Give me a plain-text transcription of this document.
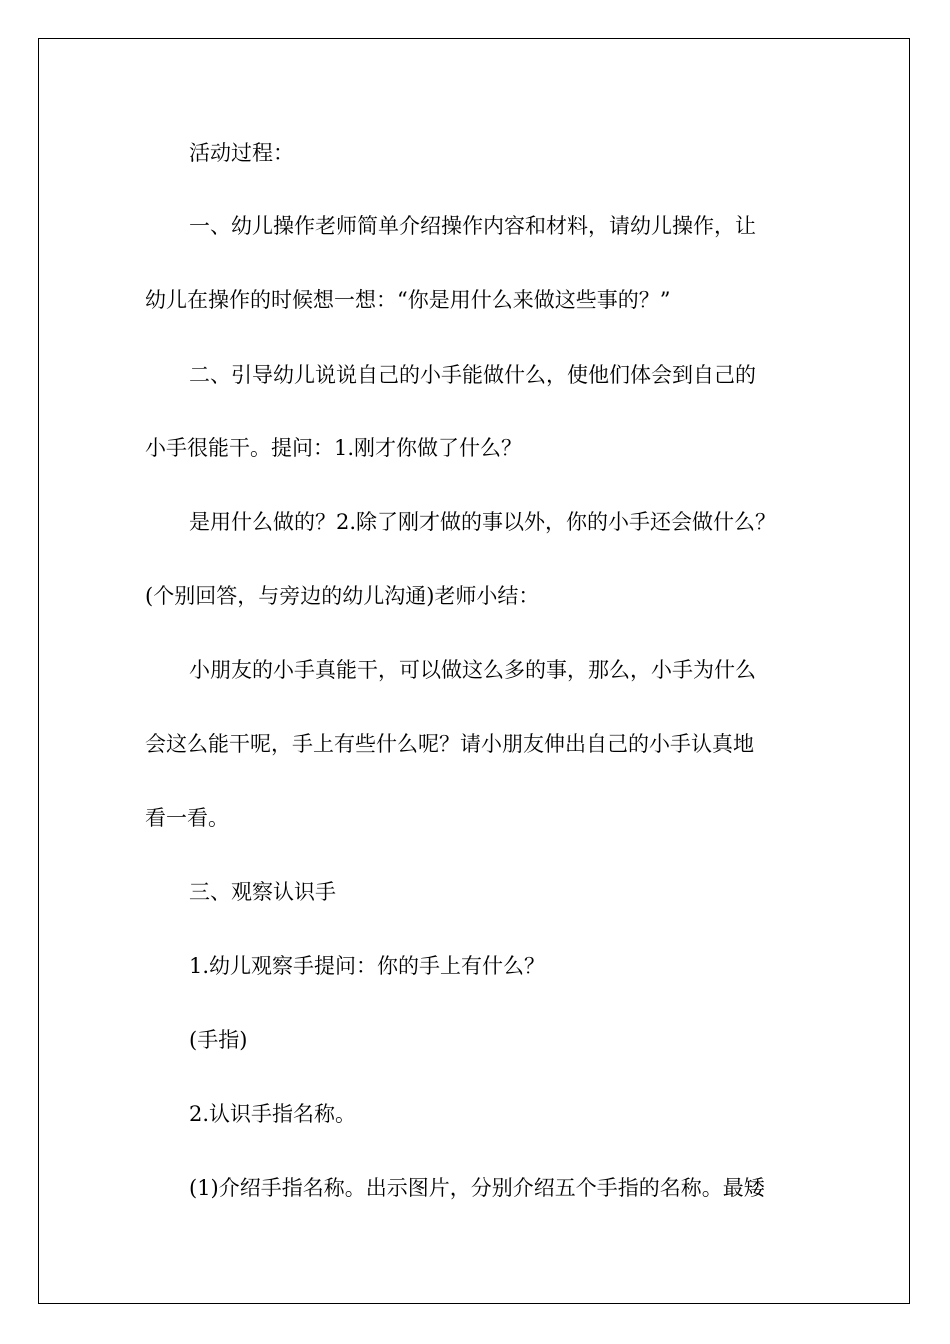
活动过程：
一、幼儿操作老师简单介绍操作内容和材料，请幼儿操作，让
幼儿在操作的时候想一想：“你是用什么来做这些事的？”
二、引导幼儿说说自己的小手能做什么，使他们体会到自己的
小手很能干。提问：1.刚才你做了什么？
是用什么做的？2.除了刚才做的事以外，你的小手还会做什么？
(个别回答，与旁边的幼儿沟通)老师小结：
小朋友的小手真能干，可以做这么多的事，那么，小手为什么
会这么能干呢，手上有些什么呢？请小朋友伸出自己的小手认真地
看一看。
三、观察认识手
1.幼儿观察手提问：你的手上有什么？
(手指)
2.认识手指名称。
(1)介绍手指名称。出示图片，分别介绍五个手指的名称。最矮
